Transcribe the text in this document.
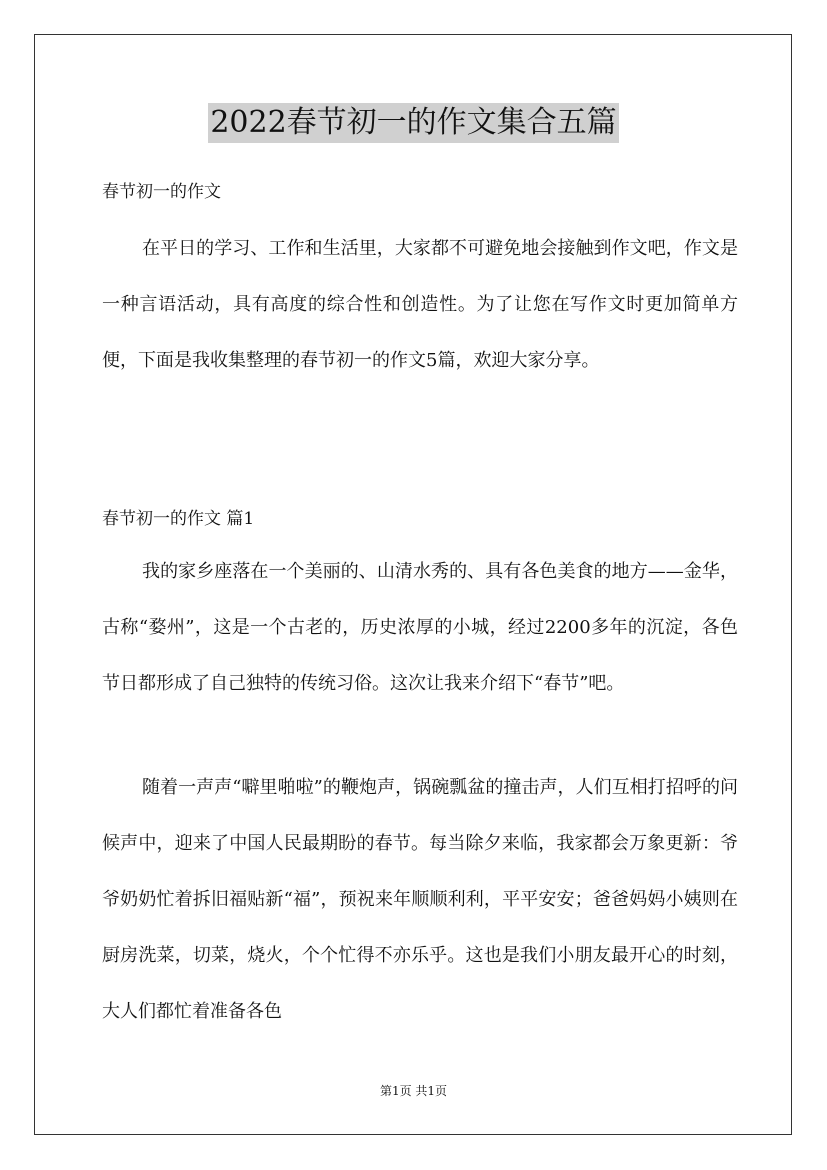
2022春节初一的作文集合五篇
春节初一的作文
在平日的学习、工作和生活里，大家都不可避免地会接触到作文吧，作文是一种言语活动，具有高度的综合性和创造性。为了让您在写作文时更加简单方便，下面是我收集整理的春节初一的作文5篇，欢迎大家分享。
春节初一的作文 篇1
我的家乡座落在一个美丽的、山清水秀的、具有各色美食的地方——金华，古称“婺州”，这是一个古老的，历史浓厚的小城，经过2200多年的沉淀，各色节日都形成了自己独特的传统习俗。这次让我来介绍下“春节”吧。
随着一声声“噼里啪啦”的鞭炮声，锅碗瓢盆的撞击声，人们互相打招呼的问候声中，迎来了中国人民最期盼的春节。每当除夕来临，我家都会万象更新：爷爷奶奶忙着拆旧福贴新“福”，预祝来年顺顺利利，平平安安；爸爸妈妈小姨则在厨房洗菜，切菜，烧火，个个忙得不亦乐乎。这也是我们小朋友最开心的时刻，大人们都忙着准备各色
第1页 共1页
